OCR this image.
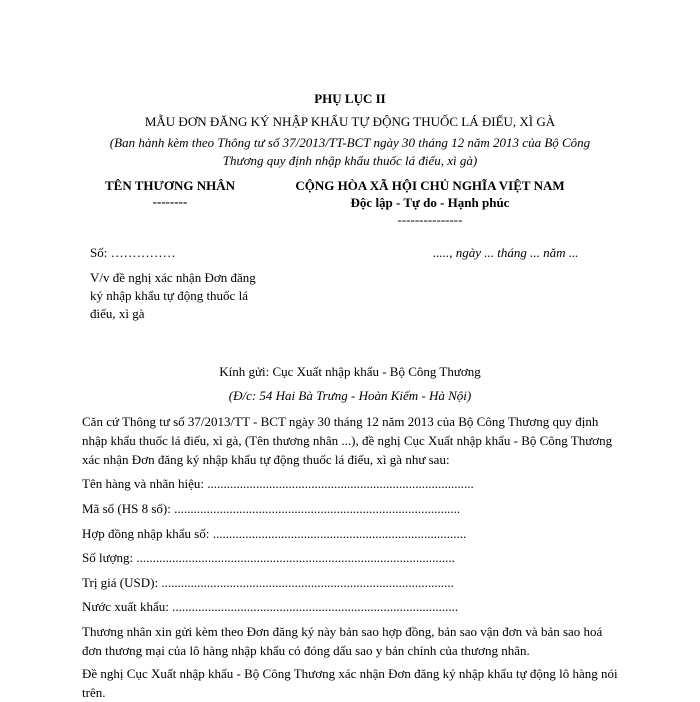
PHỤ LỤC II
MẪU ĐƠN ĐĂNG KÝ NHẬP KHẨU TỰ ĐỘNG THUỐC LÁ ĐIẾU, XÌ GÀ
(Ban hành kèm theo Thông tư số 37/2013/TT-BCT ngày 30 tháng 12 năm 2013 của Bộ Công
Thương quy định nhập khẩu thuốc lá điếu, xì gà)
TÊN THƯƠNG NHÂN
--------
CỘNG HÒA XÃ HỘI CHỦ NGHĨA VIỆT NAM
Độc lập - Tự do - Hạnh phúc
---------------
Số: ……………	....., ngày ... tháng ... năm ...
V/v đề nghị xác nhận Đơn đăng
ký nhập khẩu tự động thuốc lá
điếu, xì gà
Kính gửi: Cục Xuất nhập khẩu - Bộ Công Thương
(Đ/c: 54 Hai Bà Trưng - Hoàn Kiếm - Hà Nội)
Căn cứ Thông tư số 37/2013/TT - BCT ngày 30 tháng 12 năm 2013 của Bộ Công Thương quy định nhập khẩu thuốc lá điếu, xì gà, (Tên thương nhân ...), đề nghị Cục Xuất nhập khẩu - Bộ Công Thương xác nhận Đơn đăng ký nhập khẩu tự động thuốc lá điếu, xì gà như sau:
Tên hàng và nhãn hiệu: ..................................................................................
Mã số (HS 8 số): ........................................................................................
Hợp đồng nhập khẩu số: ..............................................................................
Số lượng: ..................................................................................................
Trị giá (USD): ..........................................................................................
Nước xuất khẩu: ........................................................................................
Thương nhân xin gửi kèm theo Đơn đăng ký này bản sao hợp đồng, bản sao vận đơn và bản sao hoá đơn thương mại của lô hàng nhập khẩu có đóng dấu sao y bản chính của thương nhân.
Đề nghị Cục Xuất nhập khẩu - Bộ Công Thương xác nhận Đơn đăng ký nhập khẩu tự động lô hàng nói trên.
